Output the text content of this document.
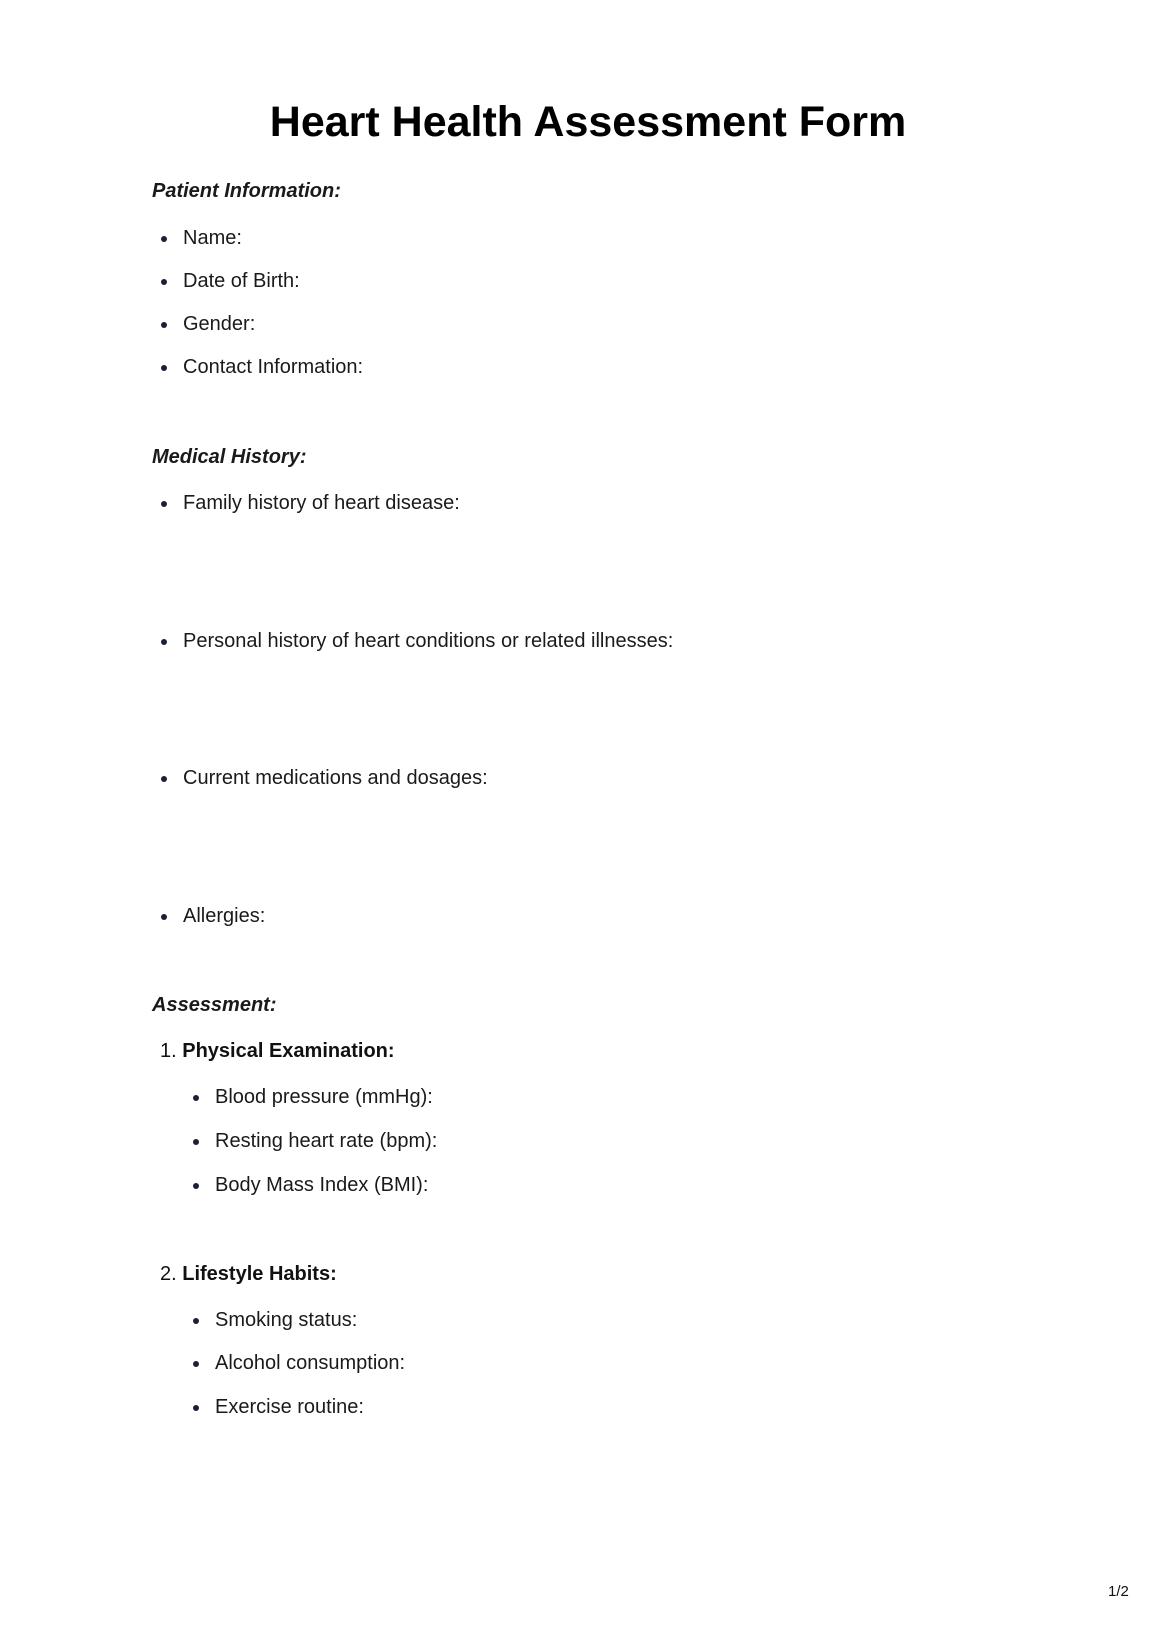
Heart Health Assessment Form
Patient Information:
Name:
Date of Birth:
Gender:
Contact Information:
Medical History:
Family history of heart disease:
Personal history of heart conditions or related illnesses:
Current medications and dosages:
Allergies:
Assessment:
1. Physical Examination:
Blood pressure (mmHg):
Resting heart rate (bpm):
Body Mass Index (BMI):
2. Lifestyle Habits:
Smoking status:
Alcohol consumption:
Exercise routine:
1/2
